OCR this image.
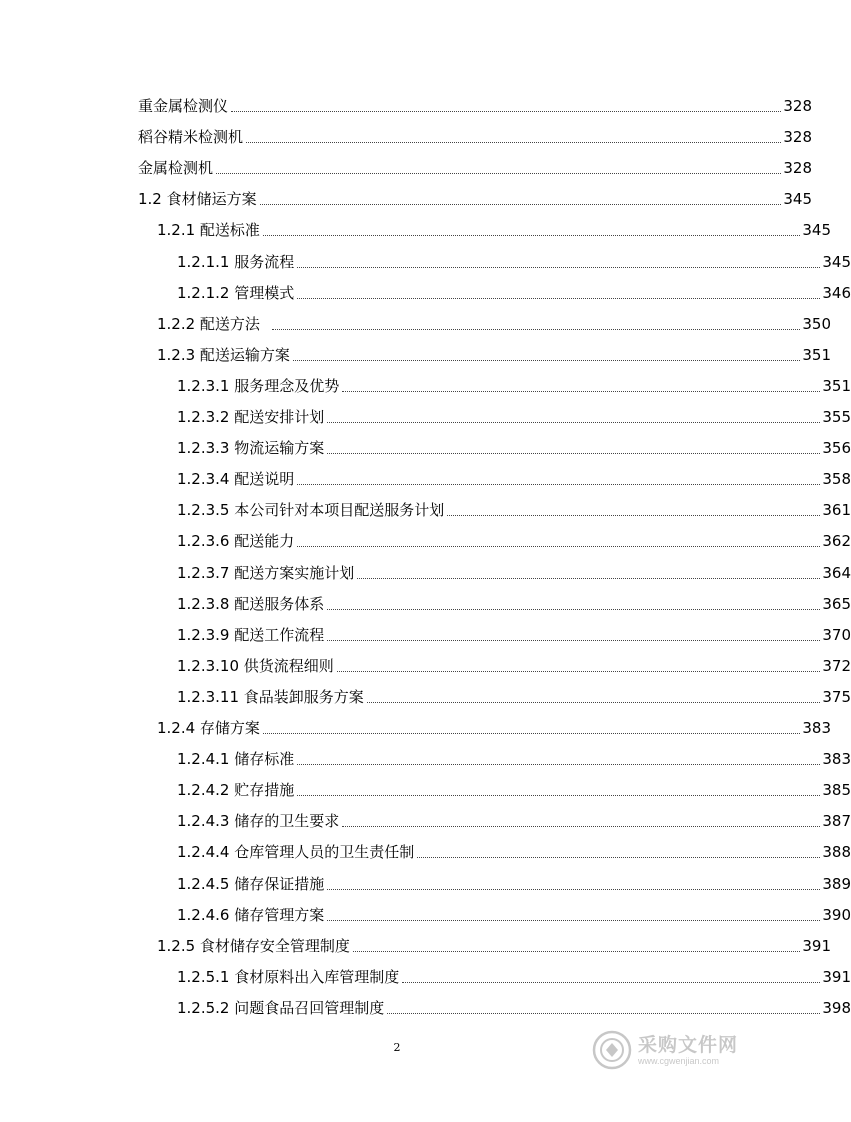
重金属检测仪	328
稻谷精米检测机	328
金属检测机	328
1.2 食材储运方案	345
1.2.1 配送标准	345
1.2.1.1 服务流程	345
1.2.1.2 管理模式	346
1.2.2 配送方法	350
1.2.3 配送运输方案	351
1.2.3.1 服务理念及优势	351
1.2.3.2 配送安排计划	355
1.2.3.3 物流运输方案	356
1.2.3.4 配送说明	358
1.2.3.5 本公司针对本项目配送服务计划	361
1.2.3.6 配送能力	362
1.2.3.7 配送方案实施计划	364
1.2.3.8 配送服务体系	365
1.2.3.9 配送工作流程	370
1.2.3.10 供货流程细则	372
1.2.3.11 食品装卸服务方案	375
1.2.4 存储方案	383
1.2.4.1 储存标准	383
1.2.4.2 贮存措施	385
1.2.4.3 储存的卫生要求	387
1.2.4.4 仓库管理人员的卫生责任制	388
1.2.4.5 储存保证措施	389
1.2.4.6 储存管理方案	390
1.2.5 食材储存安全管理制度	391
1.2.5.1 食材原料出入库管理制度	391
1.2.5.2 问题食品召回管理制度	398
2	采购文件网
www.cgwenjian.com
